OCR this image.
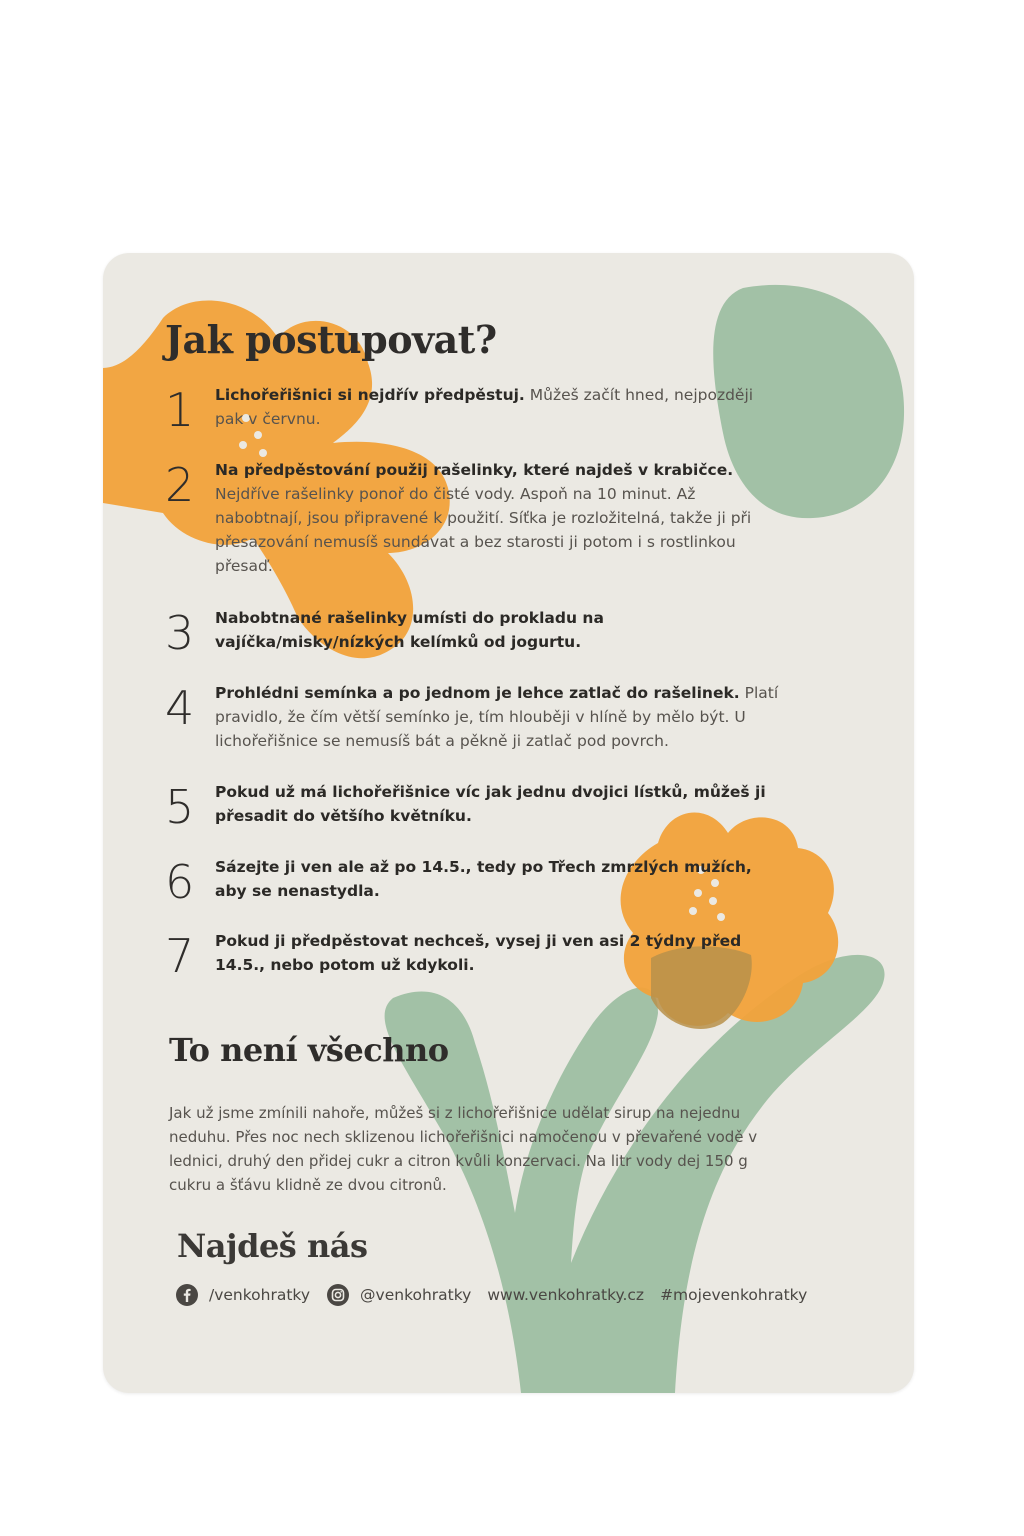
Jak postupovat?
1	Lichořeřišnici si nejdřív předpěstuj. Můžeš začít hned, nejpozději pak v červnu.
2	Na předpěstování použij rašelinky, které najdeš v krabičce. Nejdříve rašelinky ponoř do čisté vody. Aspoň na 10 minut. Až nabobtnají, jsou připravené k použití. Síťka je rozložitelná, takže ji při přesazování nemusíš sundávat a bez starosti ji potom i s rostlinkou přesaď.
3	Nabobtnané rašelinky umísti do prokladu na vajíčka/misky/nízkých kelímků od jogurtu.
4	Prohlédni semínka a po jednom je lehce zatlač do rašelinek. Platí pravidlo, že čím větší semínko je, tím hlouběji v hlíně by mělo být. U lichořeřišnice se nemusíš bát a pěkně ji zatlač pod povrch.
5	Pokud už má lichořeřišnice víc jak jednu dvojici lístků, můžeš ji přesadit do většího květníku.
6	Sázejte ji ven ale až po 14.5., tedy po Třech zmrzlých mužích, aby se nenastydla.
7	Pokud ji předpěstovat nechceš, vysej ji ven asi 2 týdny před 14.5., nebo potom už kdykoli.
To není všechno
Jak už jsme zmínili nahoře, můžeš si z lichořeřišnice udělat sirup na nejednu neduhu. Přes noc nech sklizenou lichořeřišnici namočenou v převařené vodě v lednici, druhý den přidej cukr a citron kvůli konzervaci. Na litr vody dej 150 g cukru a šťávu klidně ze dvou citronů.
Najdeš nás
/venkohratky	@venkohratky www.venkohratky.cz #mojevenkohratky
